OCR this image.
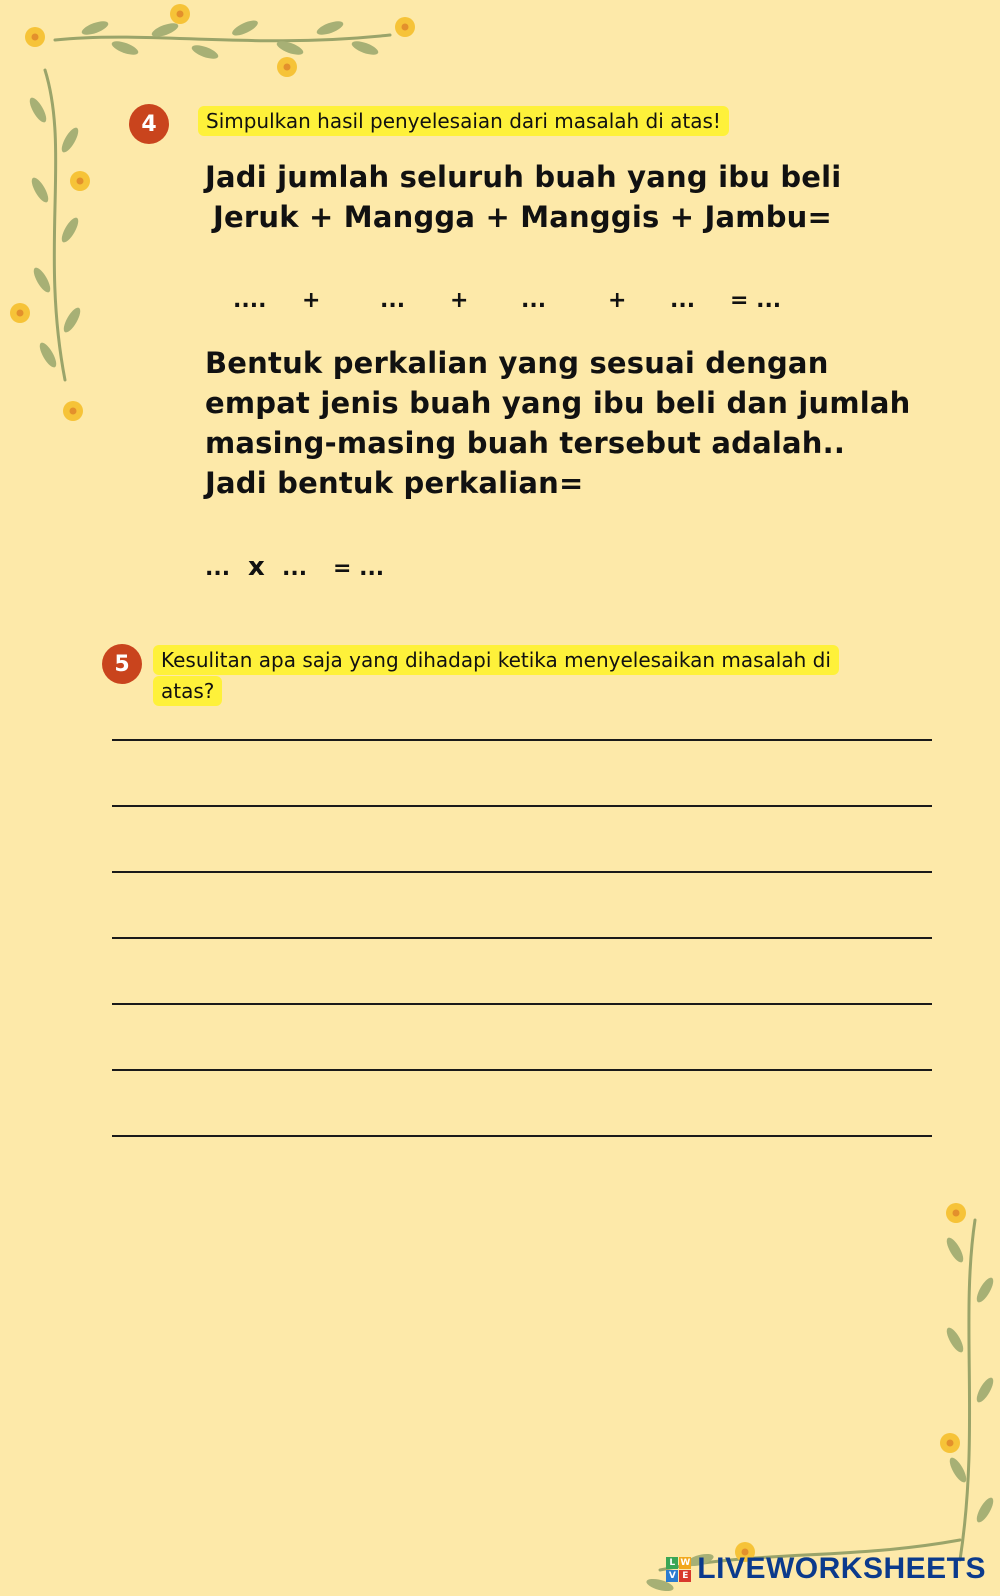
4	Simpulkan hasil penyelesaian dari masalah di atas!
Jadi jumlah seluruh buah yang ibu beli
Jeruk + Mangga + Manggis + Jambu=
.... +	... + ...	+ ... = ...
Bentuk perkalian yang sesuai dengan
empat jenis buah yang ibu beli dan jumlah
masing-masing buah tersebut adalah..
Jadi bentuk perkalian=
... x ... = ...
5	Kesulitan apa saja yang dihadapi ketika menyelesaikan masalah di
atas?
L W
V E LIVEWORKSHEETS
